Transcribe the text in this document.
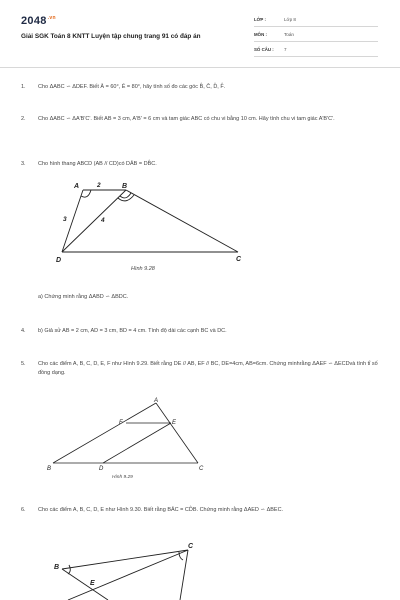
$2048^{.vn}$
Giải SGK Toán 8 KNTT Luyện tập chung trang 91 có đáp án
LỚP :	Lớp 8
MÔN :	Toán
SỐ CÂU : 7
1. Cho ΔABC ∽ ΔDEF. Biết Â = 60°, Ê = 80°, hãy tính số đo các góc B̂, Ĉ, D̂, F̂.
2. Cho ΔABC ∽ ΔA'B'C'. Biết AB = 3 cm, A'B' = 6 cm và tam giác ABC có chu vi bằng 10 cm. Hãy tính chu vi tam giác A'B'C'.
3. Cho hình thang ABCD (AB // CD)có DÂB = DB̂C.
A	B
C
D
2
3	4
Hình 9.28
a) Chứng minh rằng ΔABD ∽ ΔBDC.
4. b) Giả sử AB = 2 cm, AD = 3 cm, BD = 4 cm. Tính độ dài các cạnh BC và DC.
5. Cho các điểm A, B, C, D, E, F như Hình 9.29. Biết rằng DE // AB, EF // BC, DE=4cm, AB=6cm. Chứng minhrằng ΔAEF ∽ ΔECDvà tính tỉ số đồng dạng.
A
B	C
D
E
F
Hình 9.29
6. Cho các điểm A, B, C, D, E như Hình 9.30. Biết rằng BÂC = CD̂B. Chứng minh rằng ΔAED ∽ ΔBEC.
B
C
E
